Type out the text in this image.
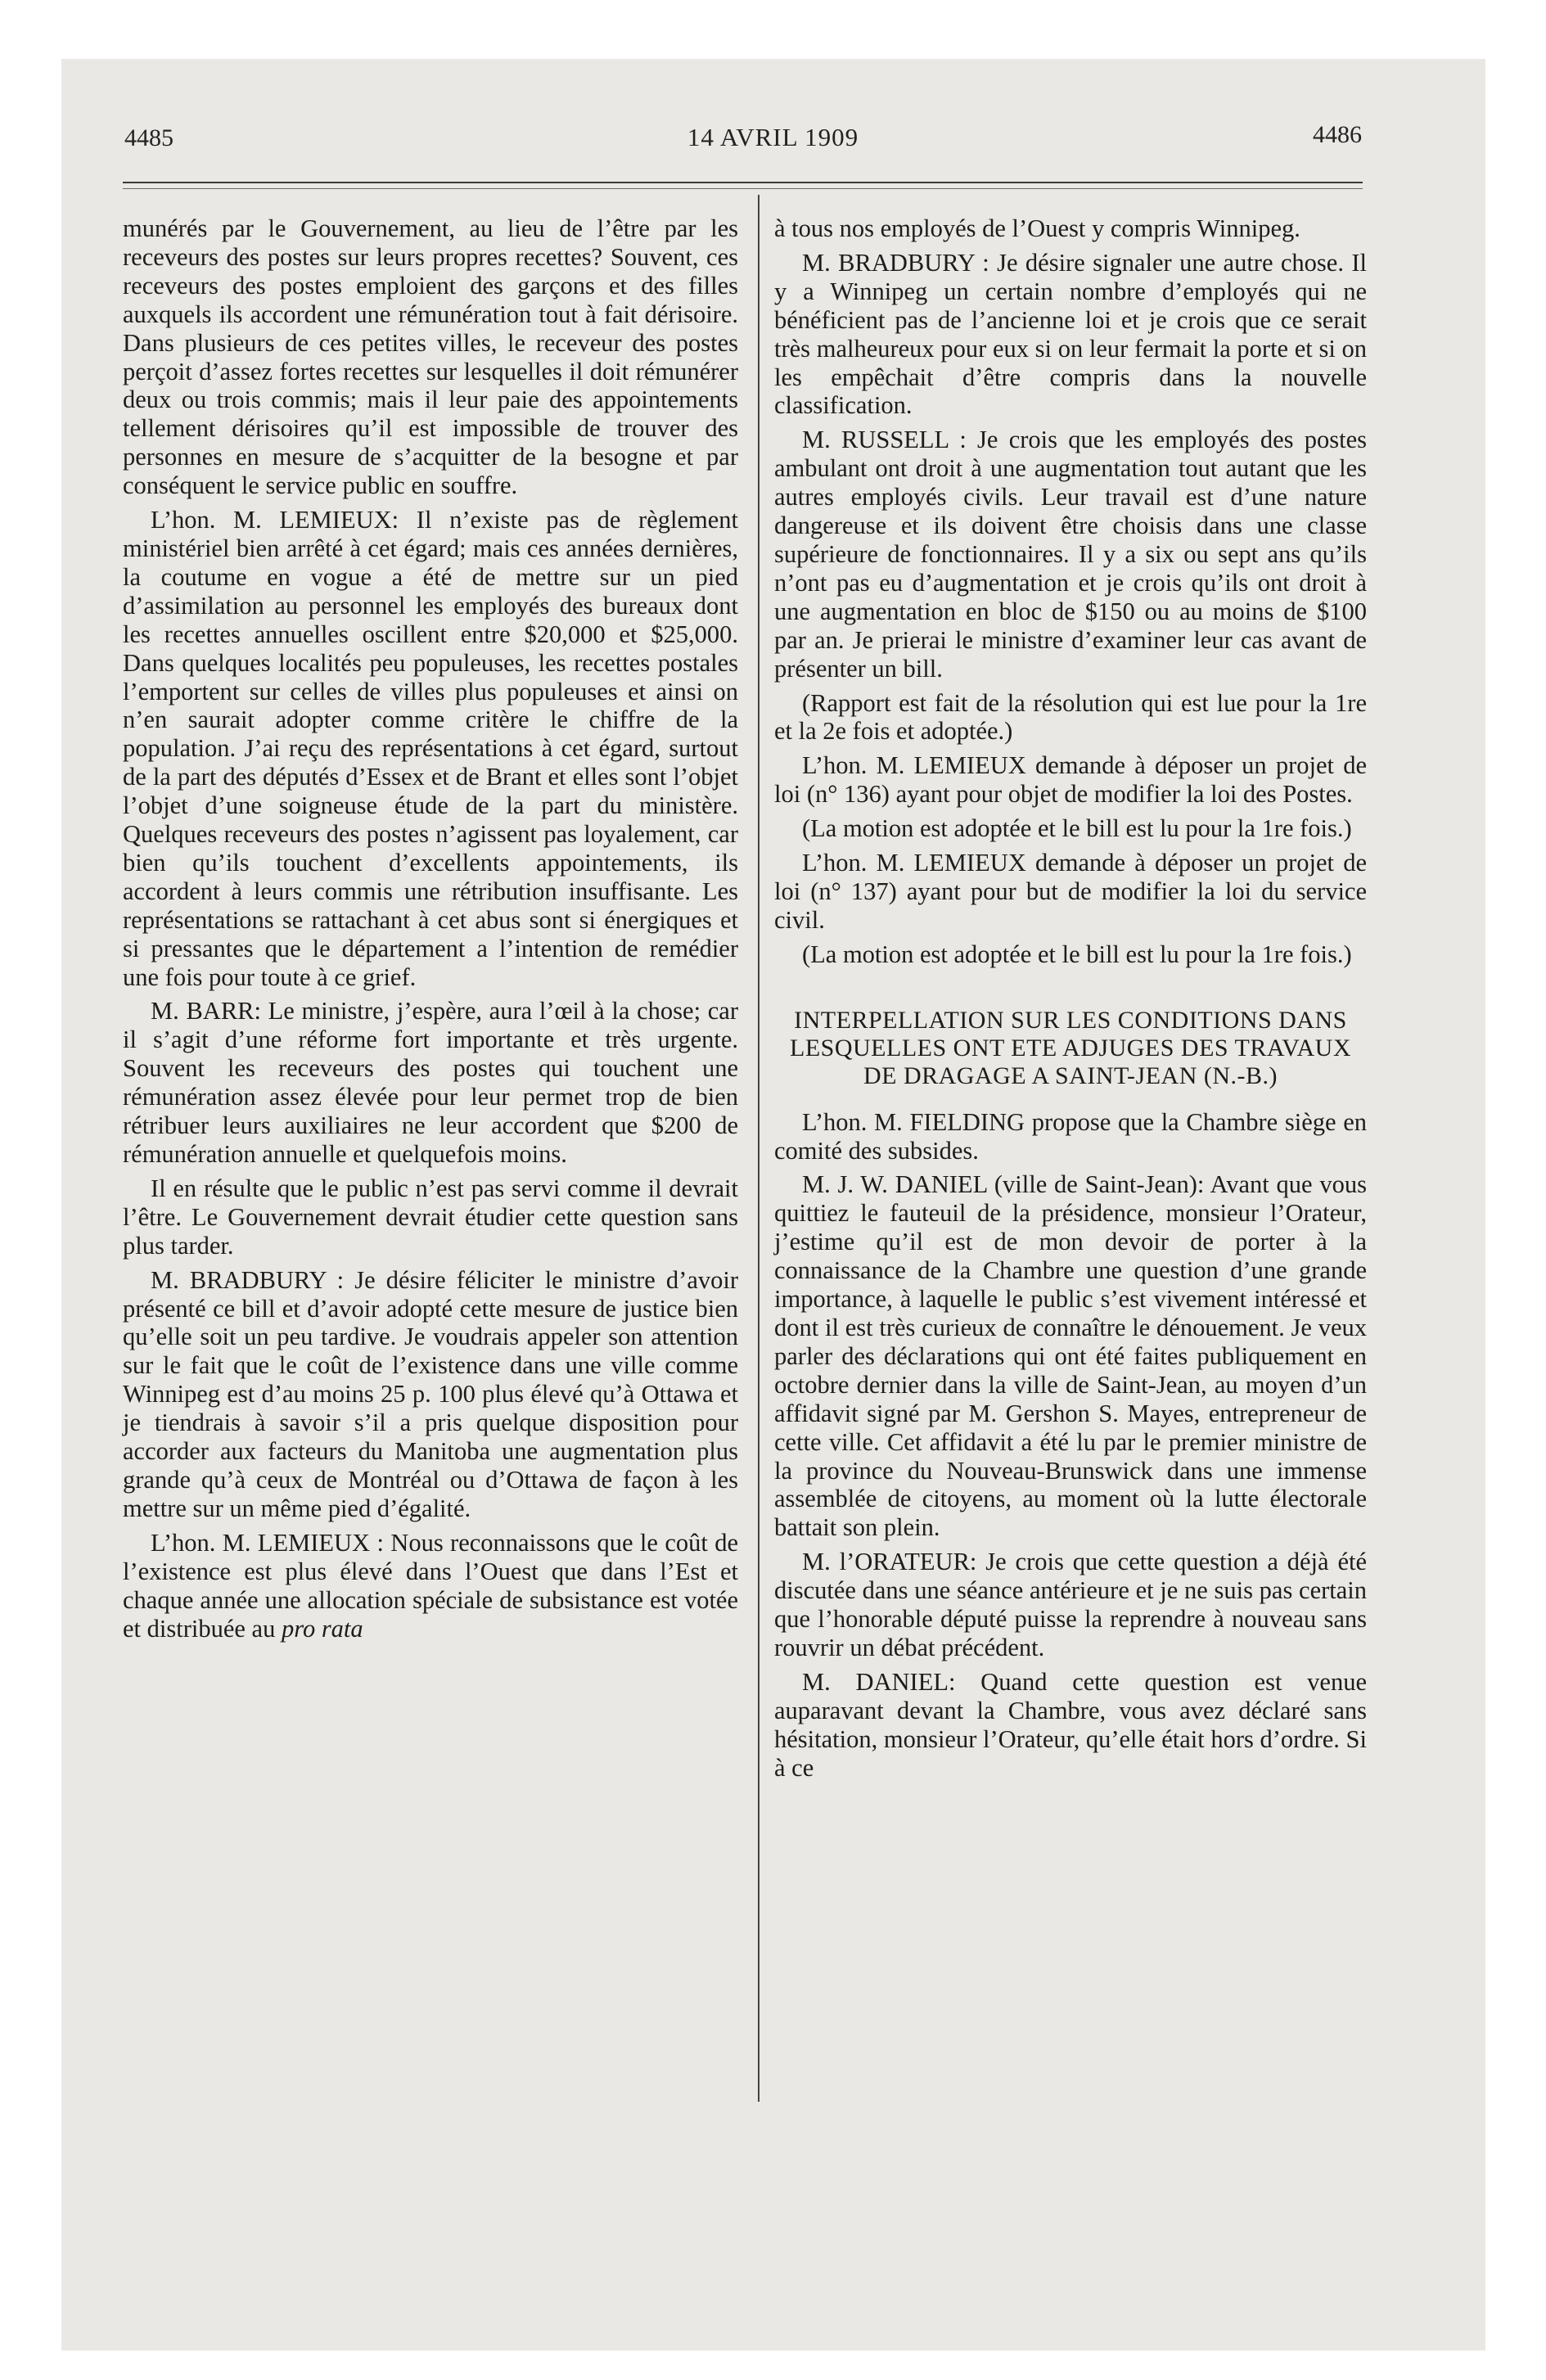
4485	14 AVRIL 1909	4486

munérés par le Gouvernement, au lieu de l’être par les receveurs des postes sur leurs propres recettes? Souvent, ces receveurs des postes emploient des garçons et des filles auxquels ils accordent une rémunération tout à fait dérisoire. Dans plusieurs de ces petites villes, le receveur des postes perçoit d’assez fortes recettes sur lesquelles il doit rémunérer deux ou trois commis; mais il leur paie des appointements tellement dérisoires qu’il est impossible de trouver des personnes en mesure de s’acquitter de la besogne et par conséquent le service public en souffre.

L’hon. M. LEMIEUX: Il n’existe pas de règlement ministériel bien arrêté à cet égard; mais ces années dernières, la coutume en vogue a été de mettre sur un pied d’assimilation au personnel les employés des bureaux dont les recettes annuelles oscillent entre $20,000 et $25,000. Dans quelques localités peu populeuses, les recettes postales l’emportent sur celles de villes plus populeuses et ainsi on n’en saurait adopter comme critère le chiffre de la population. J’ai reçu des représentations à cet égard, surtout de la part des députés d’Essex et de Brant et elles sont l’objet l’objet d’une soigneuse étude de la part du ministère. Quelques receveurs des postes n’agissent pas loyalement, car bien qu’ils touchent d’excellents appointements, ils accordent à leurs commis une rétribution insuffisante. Les représentations se rattachant à cet abus sont si énergiques et si pressantes que le département a l’intention de remédier une fois pour toute à ce grief.

M. BARR: Le ministre, j’espère, aura l’œil à la chose; car il s’agit d’une réforme fort importante et très urgente. Souvent les receveurs des postes qui touchent une rémunération assez élevée pour leur permet trop de bien rétribuer leurs auxiliaires ne leur accordent que $200 de rémunération annuelle et quelquefois moins.

Il en résulte que le public n’est pas servi comme il devrait l’être. Le Gouvernement devrait étudier cette question sans plus tarder.

M. BRADBURY : Je désire féliciter le ministre d’avoir présenté ce bill et d’avoir adopté cette mesure de justice bien qu’elle soit un peu tardive. Je voudrais appeler son attention sur le fait que le coût de l’existence dans une ville comme Winnipeg est d’au moins 25 p. 100 plus élevé qu’à Ottawa et je tiendrais à savoir s’il a pris quelque disposition pour accorder aux facteurs du Manitoba une augmentation plus grande qu’à ceux de Montréal ou d’Ottawa de façon à les mettre sur un même pied d’égalité.

L’hon. M. LEMIEUX : Nous reconnaissons que le coût de l’existence est plus élevé dans l’Ouest que dans l’Est et chaque année une allocation spéciale de subsistance est votée et distribuée au pro rata

à tous nos employés de l’Ouest y compris Winnipeg.

M. BRADBURY : Je désire signaler une autre chose. Il y a Winnipeg un certain nombre d’employés qui ne bénéficient pas de l’ancienne loi et je crois que ce serait très malheureux pour eux si on leur fermait la porte et si on les empêchait d’être compris dans la nouvelle classification.

M. RUSSELL : Je crois que les employés des postes ambulant ont droit à une augmentation tout autant que les autres employés civils. Leur travail est d’une nature dangereuse et ils doivent être choisis dans une classe supérieure de fonctionnaires. Il y a six ou sept ans qu’ils n’ont pas eu d’augmentation et je crois qu’ils ont droit à une augmentation en bloc de $150 ou au moins de $100 par an. Je prierai le ministre d’examiner leur cas avant de présenter un bill.

(Rapport est fait de la résolution qui est lue pour la 1re et la 2e fois et adoptée.)

L’hon. M. LEMIEUX demande à déposer un projet de loi (n° 136) ayant pour objet de modifier la loi des Postes.

(La motion est adoptée et le bill est lu pour la 1re fois.)

L’hon. M. LEMIEUX demande à déposer un projet de loi (n° 137) ayant pour but de modifier la loi du service civil.

(La motion est adoptée et le bill est lu pour la 1re fois.)

INTERPELLATION SUR LES CONDITIONS DANS LESQUELLES ONT ETE ADJUGES DES TRAVAUX DE DRAGAGE A SAINT-JEAN (N.-B.)

L’hon. M. FIELDING propose que la Chambre siège en comité des subsides.

M. J. W. DANIEL (ville de Saint-Jean): Avant que vous quittiez le fauteuil de la présidence, monsieur l’Orateur, j’estime qu’il est de mon devoir de porter à la connaissance de la Chambre une question d’une grande importance, à laquelle le public s’est vivement intéressé et dont il est très curieux de connaître le dénouement. Je veux parler des déclarations qui ont été faites publiquement en octobre dernier dans la ville de Saint-Jean, au moyen d’un affidavit signé par M. Gershon S. Mayes, entrepreneur de cette ville. Cet affidavit a été lu par le premier ministre de la province du Nouveau-Brunswick dans une immense assemblée de citoyens, au moment où la lutte électorale battait son plein.

M. l’ORATEUR: Je crois que cette question a déjà été discutée dans une séance antérieure et je ne suis pas certain que l’honorable député puisse la reprendre à nouveau sans rouvrir un débat précédent.

M. DANIEL: Quand cette question est venue auparavant devant la Chambre, vous avez déclaré sans hésitation, monsieur l’Orateur, qu’elle était hors d’ordre. Si à ce
